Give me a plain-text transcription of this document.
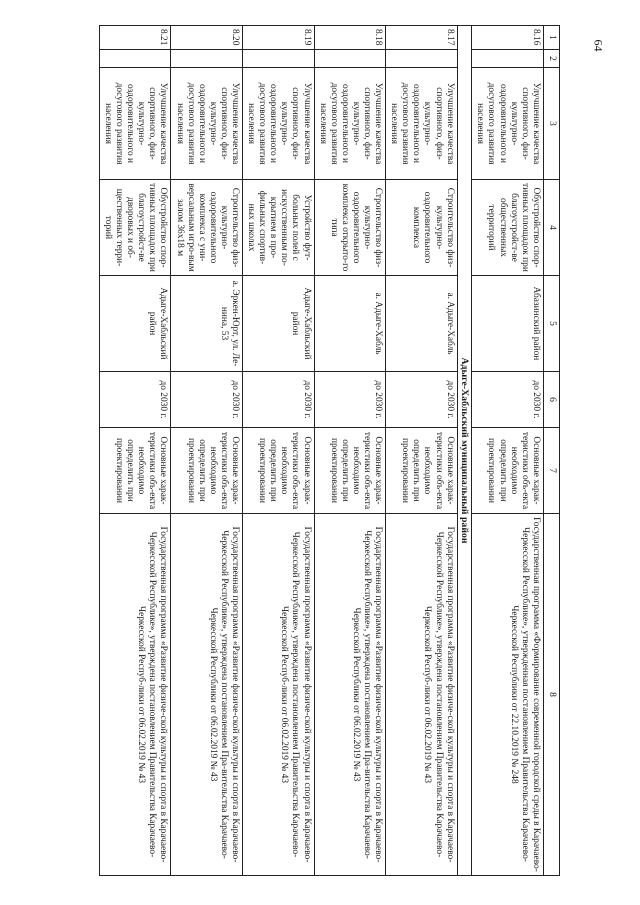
64
1	2	3	4	5	6	7	8
8.16		Улучшение качества спортивного, физ-культурно-оздоровительного и досугового развития населения	Обустройство спор-тивных площадок при благоустройст-ве общественных территорий	Абазинский район	до 2030 г.	Основные харак-теристики объ-екта необходимо определить при проектировании	Государственная программа «Формирование современной городской среды в Карачаево-Черкесской Республике», утвержденная постановлением Правительства Карачаево-Черкесской Республики от 22.10.2019 № 248
Адыге-Хабльский муниципальный район							
8.17		Улучшение качества спортивного, физ-культурно-оздоровительного и досугового развития населения	Строительство физ-культурно-оздоровительного комплекса	а. Адыге-Хабль	до 2030 г.	Основные харак-теристики объ-екта необходимо определить при проектировании	Государственная программа «Развитие физиче-ской культуры и спорта в Карачаево-Черкесской Республике», утверждена постановлением Правительства Карачаево-Черкесской Респуб-лики от 06.02.2019 № 43
8.18		Улучшение качества спортивного, физ-культурно-оздоровительного и досугового развития населения	Строительство физ-культурно-оздоровительного комплекса открыто-го типа	а. Адыге-Хабль	до 2030 г.	Основные харак-теристики объ-екта необходимо определить при проектировании	Государственная программа «Развитие физиче-ской культуры и спорта в Карачаево-Черкесской Республике», утверждена постановлением Пра-вительства Карачаево-Черкесской Республики от 06.02.2019 № 43
8.19		Улучшение качества спортивного, физ-культурно-оздоровительного и досугового развития населения	Устройство фут-больных полей с искусственным по-крытием в про-фильных спортив-ных школах	Адыге-Хабльский район	до 2030 г.	Основные харак-теристики объ-екта необходимо определить при проектировании	Государственная программа «Развитие физиче-ской культуры и спорта в Карачаево-Черкесской Республике», утверждена постановлением Правительства Карачаево-Черкесской Респуб-лики от 06.02.2019 № 43
8.20		Улучшение качества спортивного, физ-культурно-оздоровительного и досугового развития населения	Строительство физ-культурно-оздоровительного комплекса с уни-версальным игро-вым залом 36х18 м	а. Эркен-Юрт, ул. Ле-нина, 53	до 2030 г.	Основные харак-теристики объ-екта необходимо определить при проектировании	Государственная программа «Развитие физиче-ской культуры и спорта в Карачаево-Черкесской Республике», утверждена постановлением Пра-вительства Карачаево-Черкесской Республики от 06.02.2019 № 43
8.21		Улучшение качества спортивного, физ-культурно-оздоровительного и досугового развития населения	Обустройство спор-тивных площадок при благоустройст-ве дворовых и об-щественных терри-торий	Адыге-Хабльский район	до 2030 г.	Основные харак-теристики объ-екта необходимо определить при проектировании	Государственная программа «Развитие физиче-ской культуры и спорта в Карачаево-Черкесской Республике», утверждена постановлением Правительства Карачаево-Черкесской Респуб-лики от 06.02.2019 № 43
